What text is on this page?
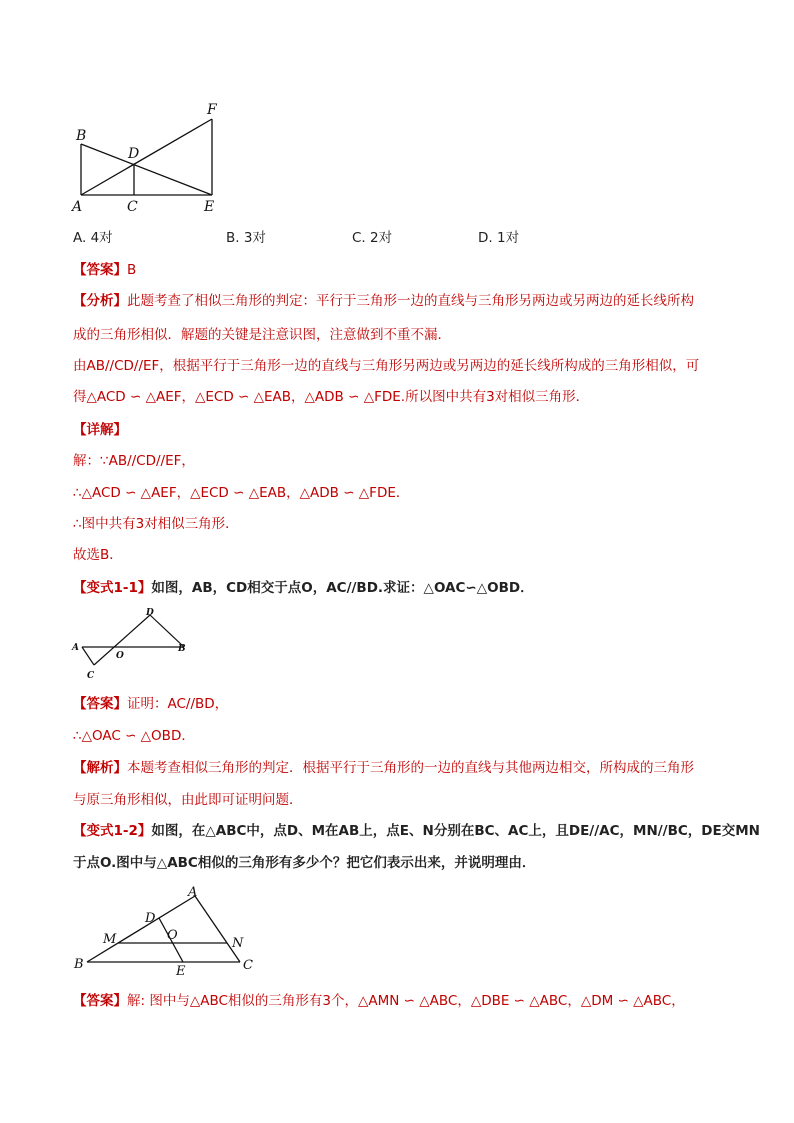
B
D
F
A	C	E
A. 4对	B. 3对	C. 2对	D. 1对
【答案】B
【分析】此题考查了相似三角形的判定：平行于三角形一边的直线与三角形另两边或另两边的延长线所构
成的三角形相似．解题的关键是注意识图，注意做到不重不漏．
由AB//CD//EF，根据平行于三角形一边的直线与三角形另两边或另两边的延长线所构成的三角形相似，可
得△ACD ∽ △AEF，△ECD ∽ △EAB，△ADB ∽ △FDE.所以图中共有3对相似三角形．
【详解】
解：∵AB//CD//EF，
∴△ACD ∽ △AEF，△ECD ∽ △EAB，△ADB ∽ △FDE．
∴图中共有3对相似三角形．
故选B．
【变式1-1】如图，AB，CD相交于点O，AC//BD.求证：△OAC∽△OBD．
D
A
O
B
C
【答案】证明：AC//BD，
∴△OAC ∽ △OBD．
【解析】本题考查相似三角形的判定．根据平行于三角形的一边的直线与其他两边相交，所构成的三角形
与原三角形相似，由此即可证明问题．
【变式1-2】如图，在△ABC中，点D、M在AB上，点E、N分别在BC、AC上，且DE//AC，MN//BC，DE交MN
于点O.图中与△ABC相似的三角形有多少个？把它们表示出来，并说明理由．
A
D
M	O
N
B	E	C
【答案】解: 图中与△ABC相似的三角形有3个，△AMN ∽ △ABC，△DBE ∽ △ABC，△DM ∽ △ABC，
